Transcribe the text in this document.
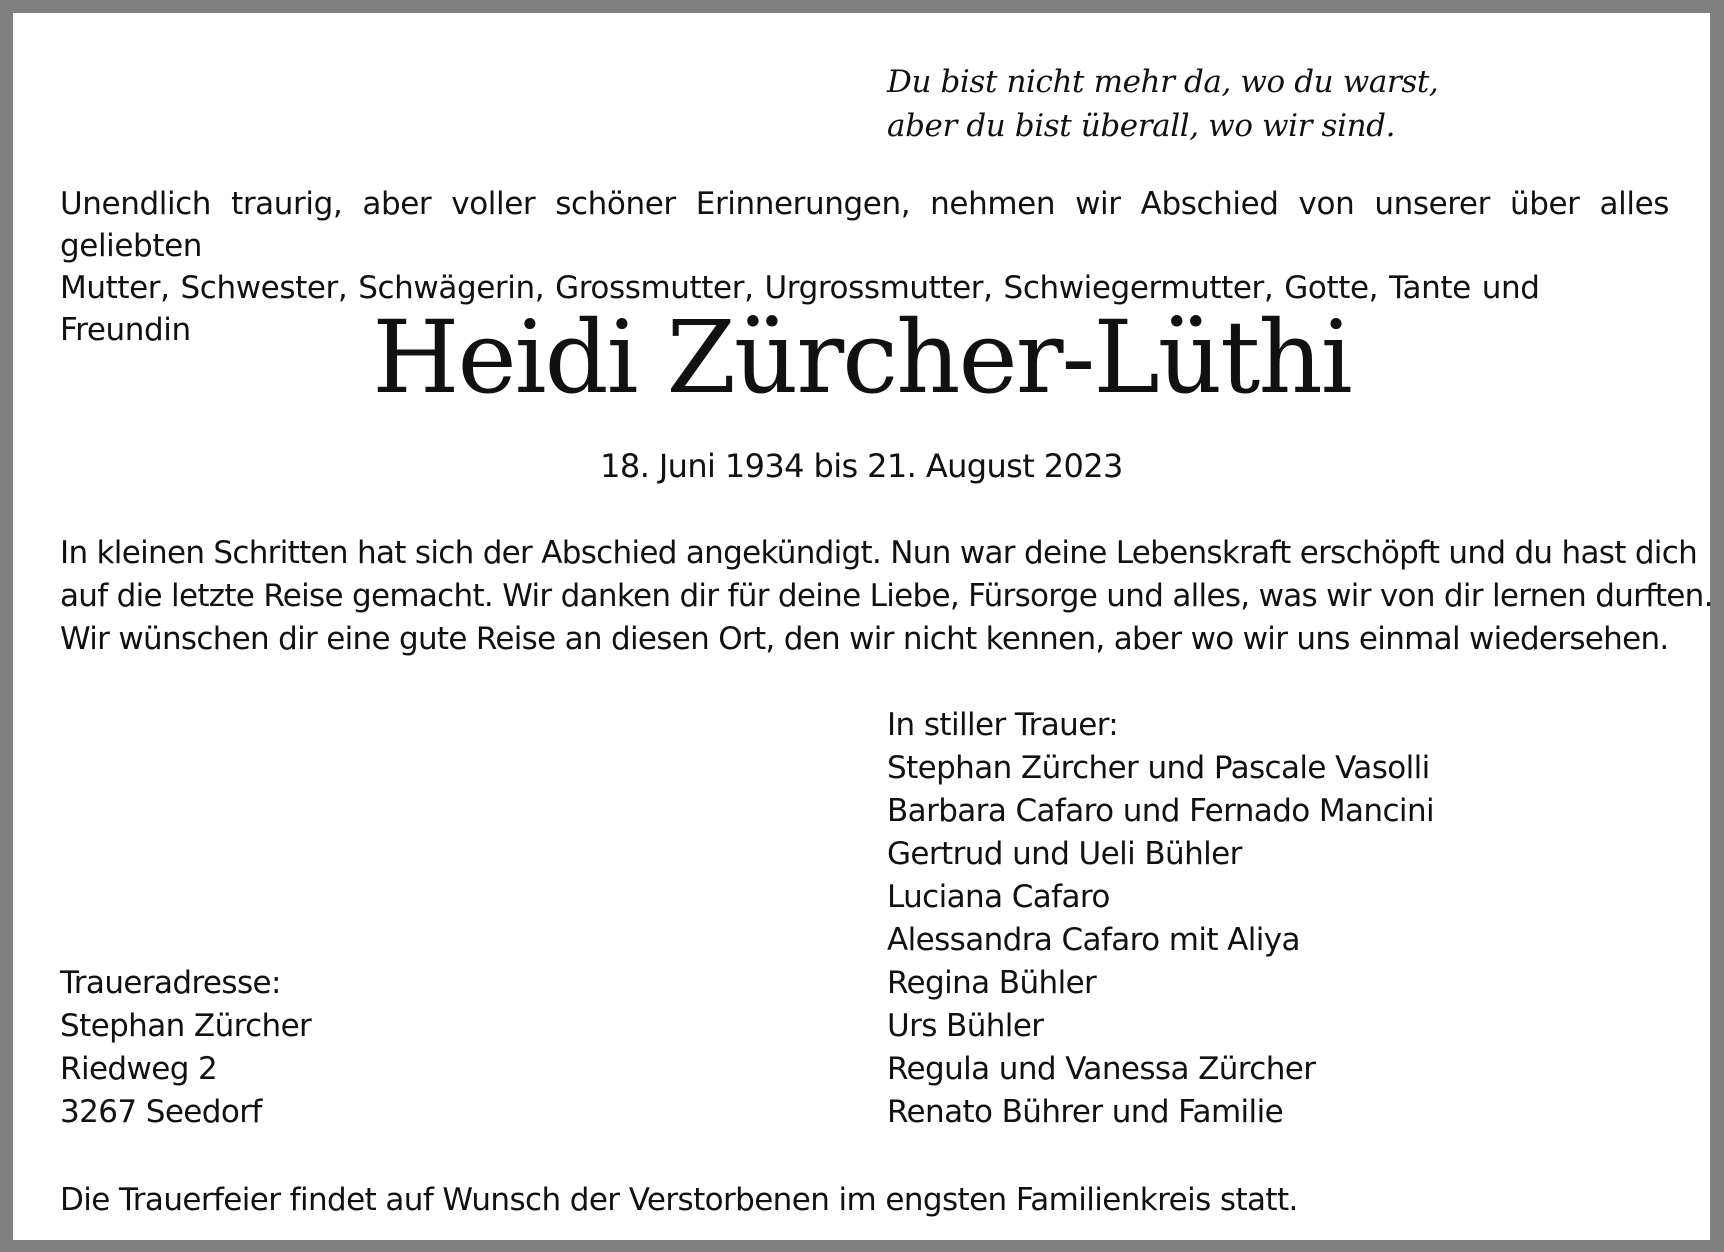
Du bist nicht mehr da, wo du warst,
aber du bist überall, wo wir sind.

Unendlich traurig, aber voller schöner Erinnerungen, nehmen wir Abschied von unserer über alles geliebten

Mutter, Schwester, Schwägerin, Grossmutter, Urgrossmutter, Schwiegermutter, Gotte, Tante und Freundin	Heidi Zürcher-Lüthi
18. Juni 1934 bis 21. August 2023
In kleinen Schritten hat sich der Abschied angekündigt. Nun war deine Lebenskraft erschöpft und du hast dich
auf die letzte Reise gemacht. Wir danken dir für deine Liebe, Fürsorge und alles, was wir von dir lernen durften.
Wir wünschen dir eine gute Reise an diesen Ort, den wir nicht kennen, aber wo wir uns einmal wiedersehen.
In stiller Trauer:
Stephan Zürcher und Pascale Vasolli
Barbara Cafaro und Fernado Mancini
Gertrud und Ueli Bühler
Luciana Cafaro
Alessandra Cafaro mit Aliya
Regina Bühler
Urs Bühler
Regula und Vanessa Zürcher
Renato Bührer und Familie
Traueradresse:
Stephan Zürcher
Riedweg 2
3267 Seedorf
Die Trauerfeier findet auf Wunsch der Verstorbenen im engsten Familienkreis statt.
